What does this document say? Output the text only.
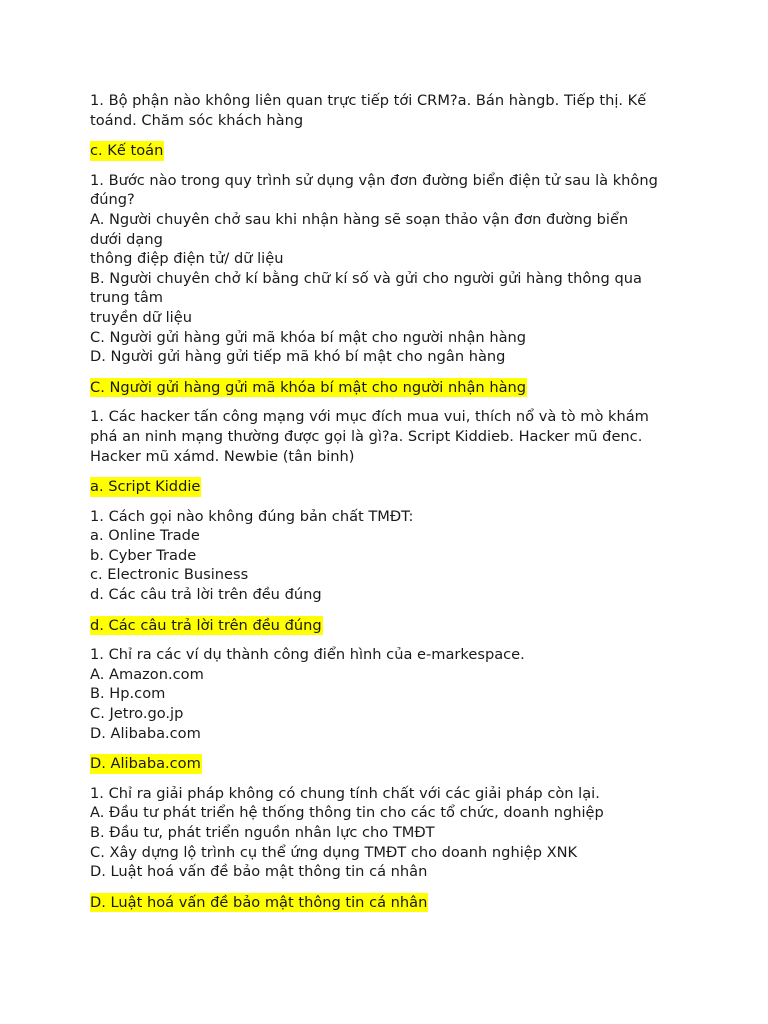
1. Bộ phận nào không liên quan trực tiếp tới CRM?a. Bán hàngb. Tiếp thị. Kế
toánd. Chăm sóc khách hàng
c. Kế toán
1. Bước nào trong quy trình sử dụng vận đơn đường biển điện tử sau là không
đúng?
A. Người chuyên chở sau khi nhận hàng sẽ soạn thảo vận đơn đường biển
dưới dạng
thông điệp điện tử/ dữ liệu
B. Người chuyên chở kí bằng chữ kí số và gửi cho người gửi hàng thông qua
trung tâm
truyền dữ liệu
C. Người gửi hàng gửi mã khóa bí mật cho người nhận hàng
D. Người gửi hàng gửi tiếp mã khó bí mật cho ngân hàng
C. Người gửi hàng gửi mã khóa bí mật cho người nhận hàng
1. Các hacker tấn công mạng với mục đích mua vui, thích nổ và tò mò khám
phá an ninh mạng thường được gọi là gì?a. Script Kiddieb. Hacker mũ đenc.
Hacker mũ xámd. Newbie (tân binh)
a. Script Kiddie
1. Cách gọi nào không đúng bản chất TMĐT:
a. Online Trade
b. Cyber Trade
c. Electronic Business
d. Các câu trả lời trên đều đúng
d. Các câu trả lời trên đều đúng
1. Chỉ ra các ví dụ thành công điển hình của e-markespace.
A. Amazon.com
B. Hp.com
C. Jetro.go.jp
D. Alibaba.com
D. Alibaba.com
1. Chỉ ra giải pháp không có chung tính chất với các giải pháp còn lại.
A. Đầu tư phát triển hệ thống thông tin cho các tổ chức, doanh nghiệp
B. Đầu tư, phát triển nguồn nhân lực cho TMĐT
C. Xây dựng lộ trình cụ thể ứng dụng TMĐT cho doanh nghiệp XNK
D. Luật hoá vấn đề bảo mật thông tin cá nhân
D. Luật hoá vấn đề bảo mật thông tin cá nhân
